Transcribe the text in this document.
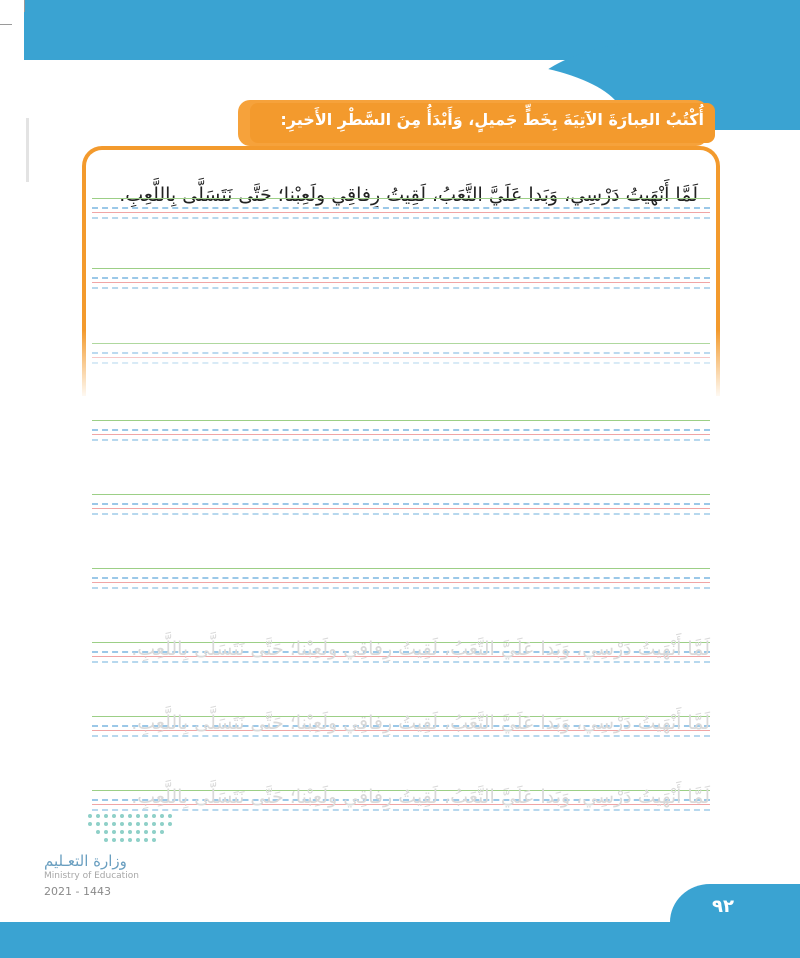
أُكْتُبُ العِبارَةَ الآتِيَةَ بِخَطٍّ جَميلٍ، وَأَبْدَأُ مِنَ السَّطْرِ الأَخيرِ:
لَمَّا أَنْهَيتُ دَرْسِي، وَبَدا عَلَيَّ التَّعَبُ، لَقِيتُ رِفاقِي ولَعِبْنا؛ حَتَّى نَتَسَلَّى بِاللَّعِبِ.
لَمَّا أَنْهَيتُ دَرْسِي، وَبَدا عَلَيَّ التَّعَبُ، لَقِيتُ رِفاقِي ولَعِبْنا؛ حَتَّى نَتَسَلَّى بِاللَّعِبِ.
لَمَّا أَنْهَيتُ دَرْسِي، وَبَدا عَلَيَّ التَّعَبُ، لَقِيتُ رِفاقِي ولَعِبْنا؛ حَتَّى نَتَسَلَّى بِاللَّعِبِ.
لَمَّا أَنْهَيتُ دَرْسِي، وَبَدا عَلَيَّ التَّعَبُ، لَقِيتُ رِفاقِي ولَعِبْنا؛ حَتَّى نَتَسَلَّى بِاللَّعِبِ.
وزارة التعـليم
Ministry of Education
2021 - 1443
٩٢
